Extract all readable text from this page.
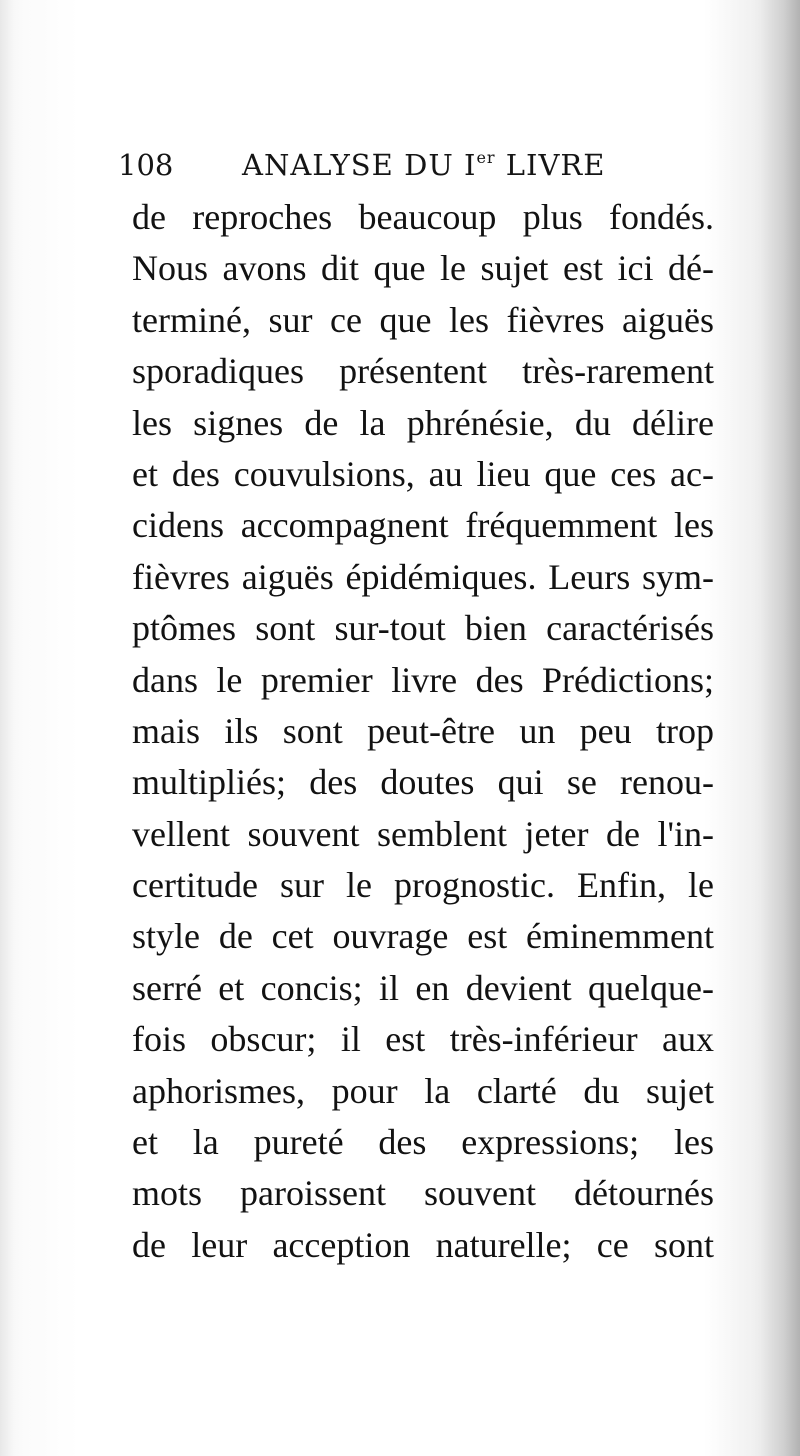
108 ANALYSE DU Ier LIVRE
de reproches beaucoup plus fondés.
Nous avons dit que le sujet est ici dé-
terminé, sur ce que les fièvres aiguës
sporadiques présentent très-rarement
les signes de la phrénésie, du délire
et des couvulsions, au lieu que ces ac-
cidens accompagnent fréquemment les
fièvres aiguës épidémiques. Leurs sym-
ptômes sont sur-tout bien caractérisés
dans le premier livre des Prédictions;
mais ils sont peut-être un peu trop
multipliés; des doutes qui se renou-
vellent souvent semblent jeter de l'in-
certitude sur le prognostic. Enfin, le
style de cet ouvrage est éminemment
serré et concis; il en devient quelque-
fois obscur; il est très-inférieur aux
aphorismes, pour la clarté du sujet
et la pureté des expressions; les
mots paroissent souvent détournés
de leur acception naturelle; ce sont
